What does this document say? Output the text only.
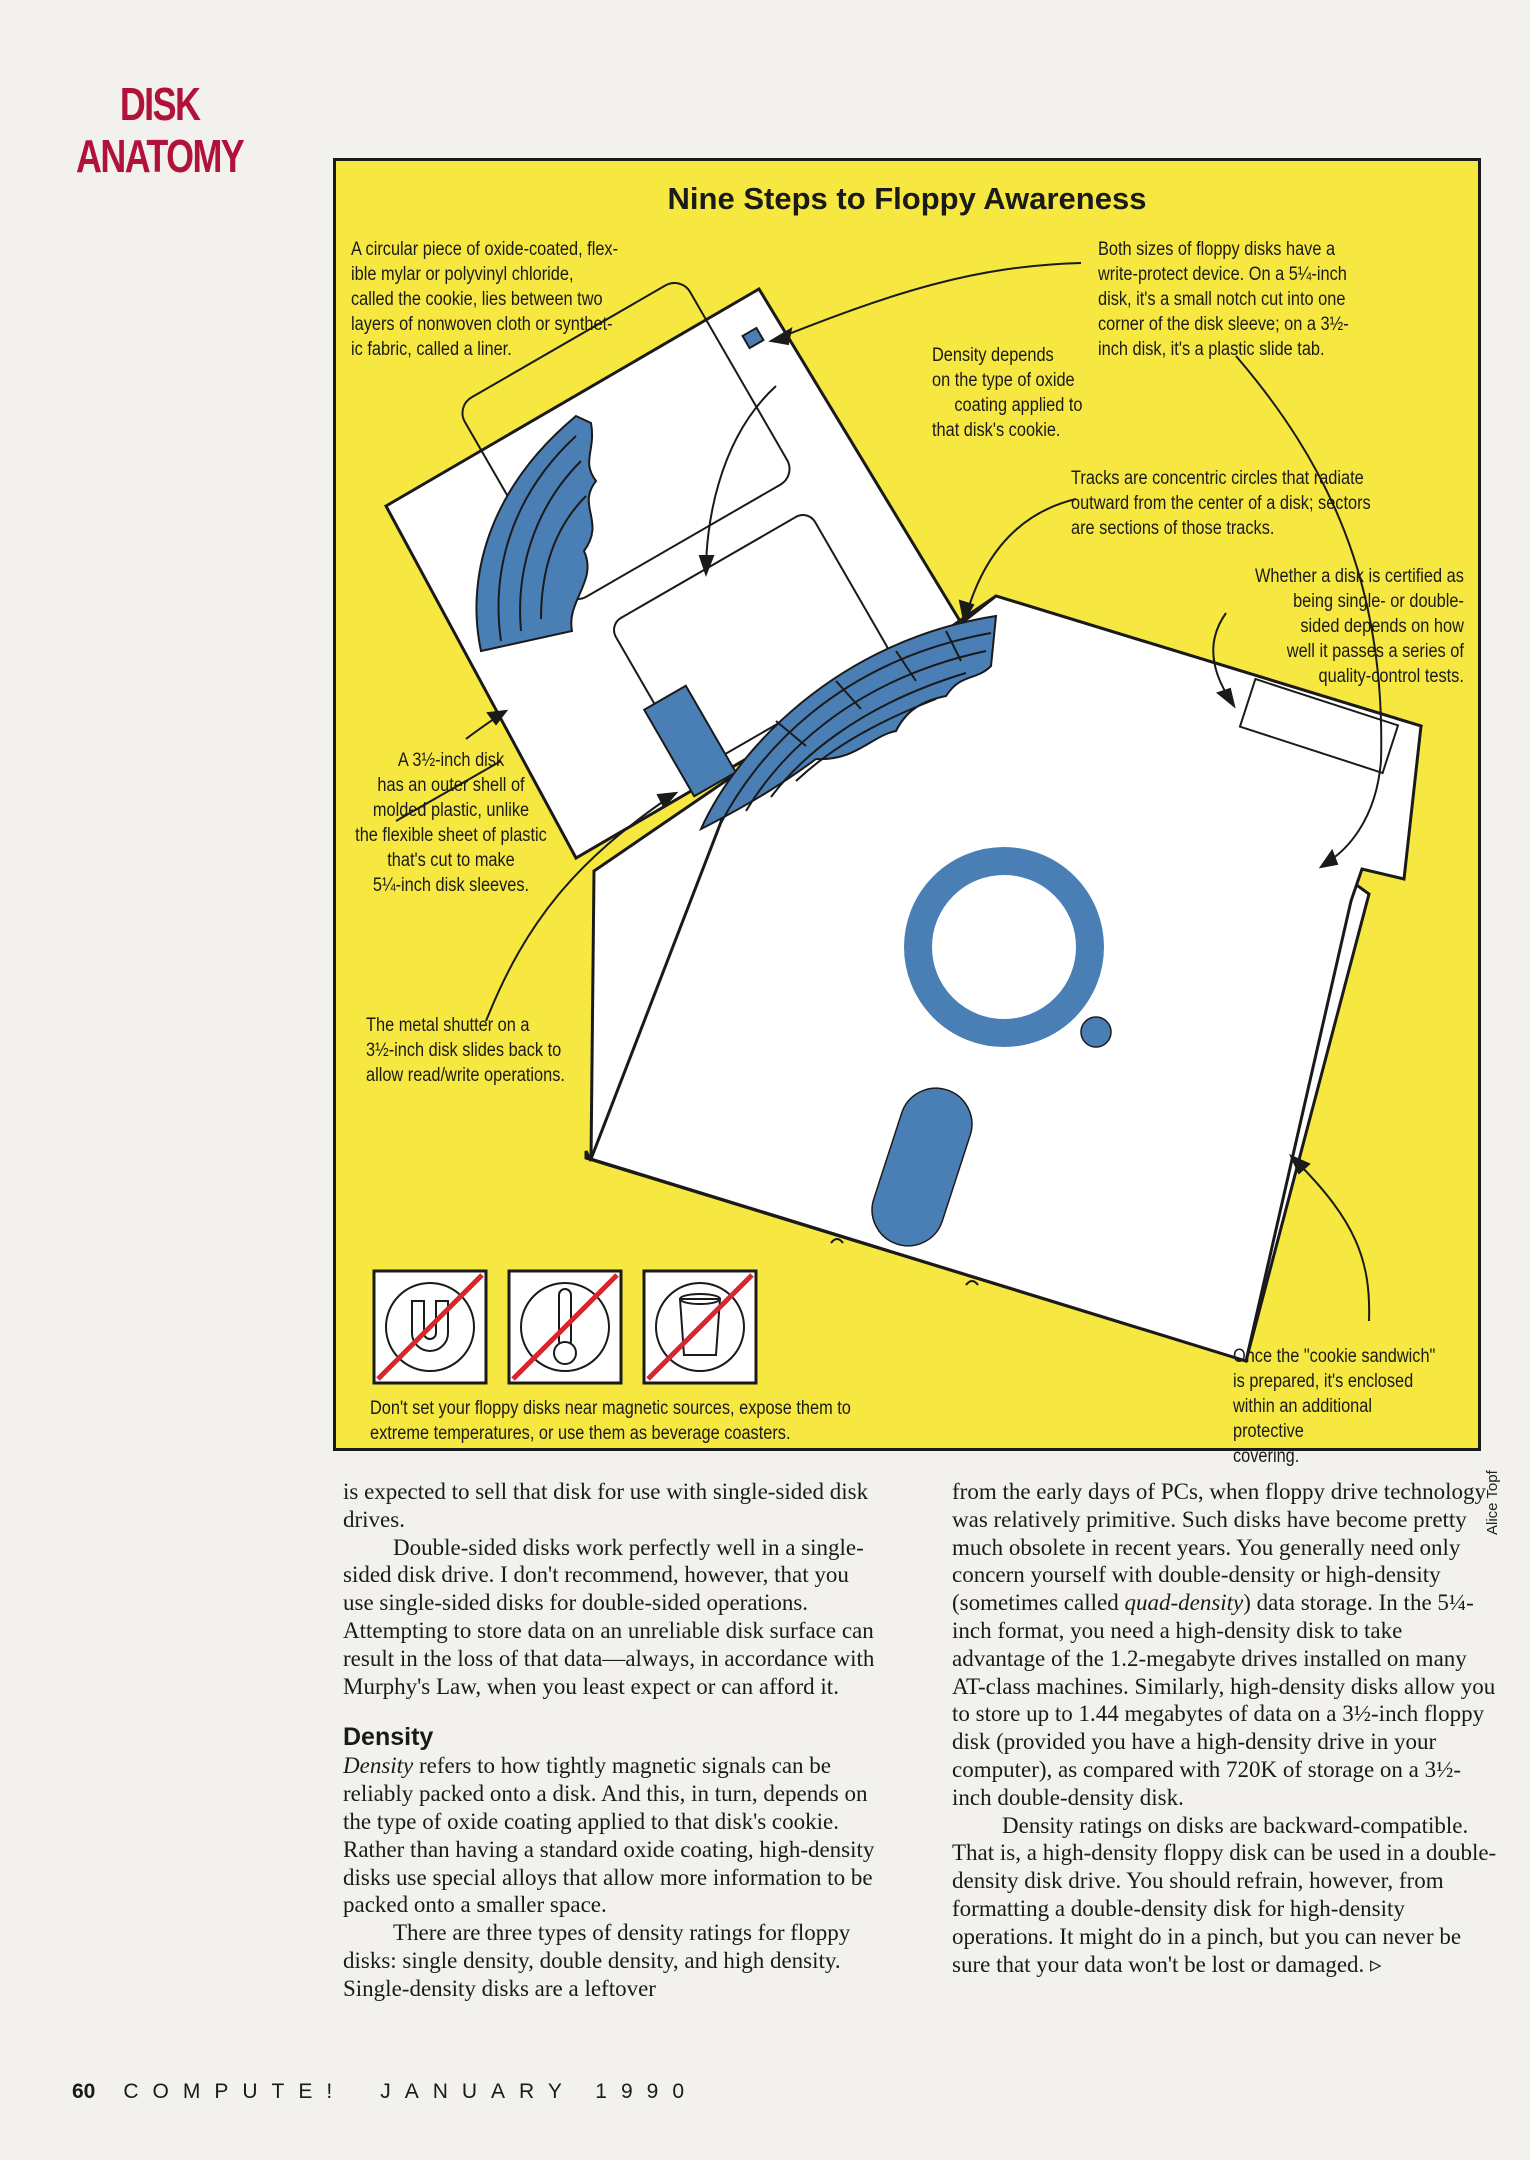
DISK
ANATOMY
Nine Steps to Floppy Awareness
A circular piece of oxide-coated, flex-
ible mylar or polyvinyl chloride,
called the cookie, lies between two
layers of nonwoven cloth or synthet-
ic fabric, called a liner.
Both sizes of floppy disks have a
write-protect device. On a 5¼-inch
disk, it's a small notch cut into one
corner of the disk sleeve; on a 3½-
inch disk, it's a plastic slide tab.
Density depends
on the type of oxide
coating applied to
that disk's cookie.
Tracks are concentric circles that radiate
outward from the center of a disk; sectors
are sections of those tracks.
Whether a disk is certified as
being single- or double-
sided depends on how
well it passes a series of
quality-control tests.
A 3½-inch disk
has an outer shell of
molded plastic, unlike
the flexible sheet of plastic
that's cut to make
5¼-inch disk sleeves.
The metal shutter on a
3½-inch disk slides back to
allow read/write operations.
Once the "cookie sandwich"
is prepared, it's enclosed
within an additional protective
covering.
Don't set your floppy disks near magnetic sources, expose them to
extreme temperatures, or use them as beverage coasters.
Alice Topf

is expected to sell that disk for use with single-sided disk drives.

Double-sided disks work perfectly well in a single-sided disk drive. I don't recommend, however, that you use single-sided disks for double-sided operations. Attempting to store data on an unreliable disk surface can result in the loss of that data—always, in accordance with Murphy's Law, when you least expect or can afford it.

Density

Density refers to how tightly magnetic signals can be reliably packed onto a disk. And this, in turn, depends on the type of oxide coating applied to that disk's cookie. Rather than having a standard oxide coating, high-density disks use special alloys that allow more information to be packed onto a smaller space.

There are three types of density ratings for floppy disks: single density, double density, and high density. Single-density disks are a leftover

from the early days of PCs, when floppy drive technology was relatively primitive. Such disks have become pretty much obsolete in recent years. You generally need only concern yourself with double-density or high-density (sometimes called quad-density) data storage. In the 5¼-inch format, you need a high-density disk to take advantage of the 1.2-megabyte drives installed on many AT-class machines. Similarly, high-density disks allow you to store up to 1.44 megabytes of data on a 3½-inch floppy disk (provided you have a high-density drive in your computer), as compared with 720K of storage on a 3½-inch double-density disk.

Density ratings on disks are backward-compatible. That is, a high-density floppy disk can be used in a double-density disk drive. You should refrain, however, from formatting a double-density disk for high-density operations. It might do in a pinch, but you can never be sure that your data won't be lost or damaged. ▹

60 COMPUTE! JANUARY 1990
